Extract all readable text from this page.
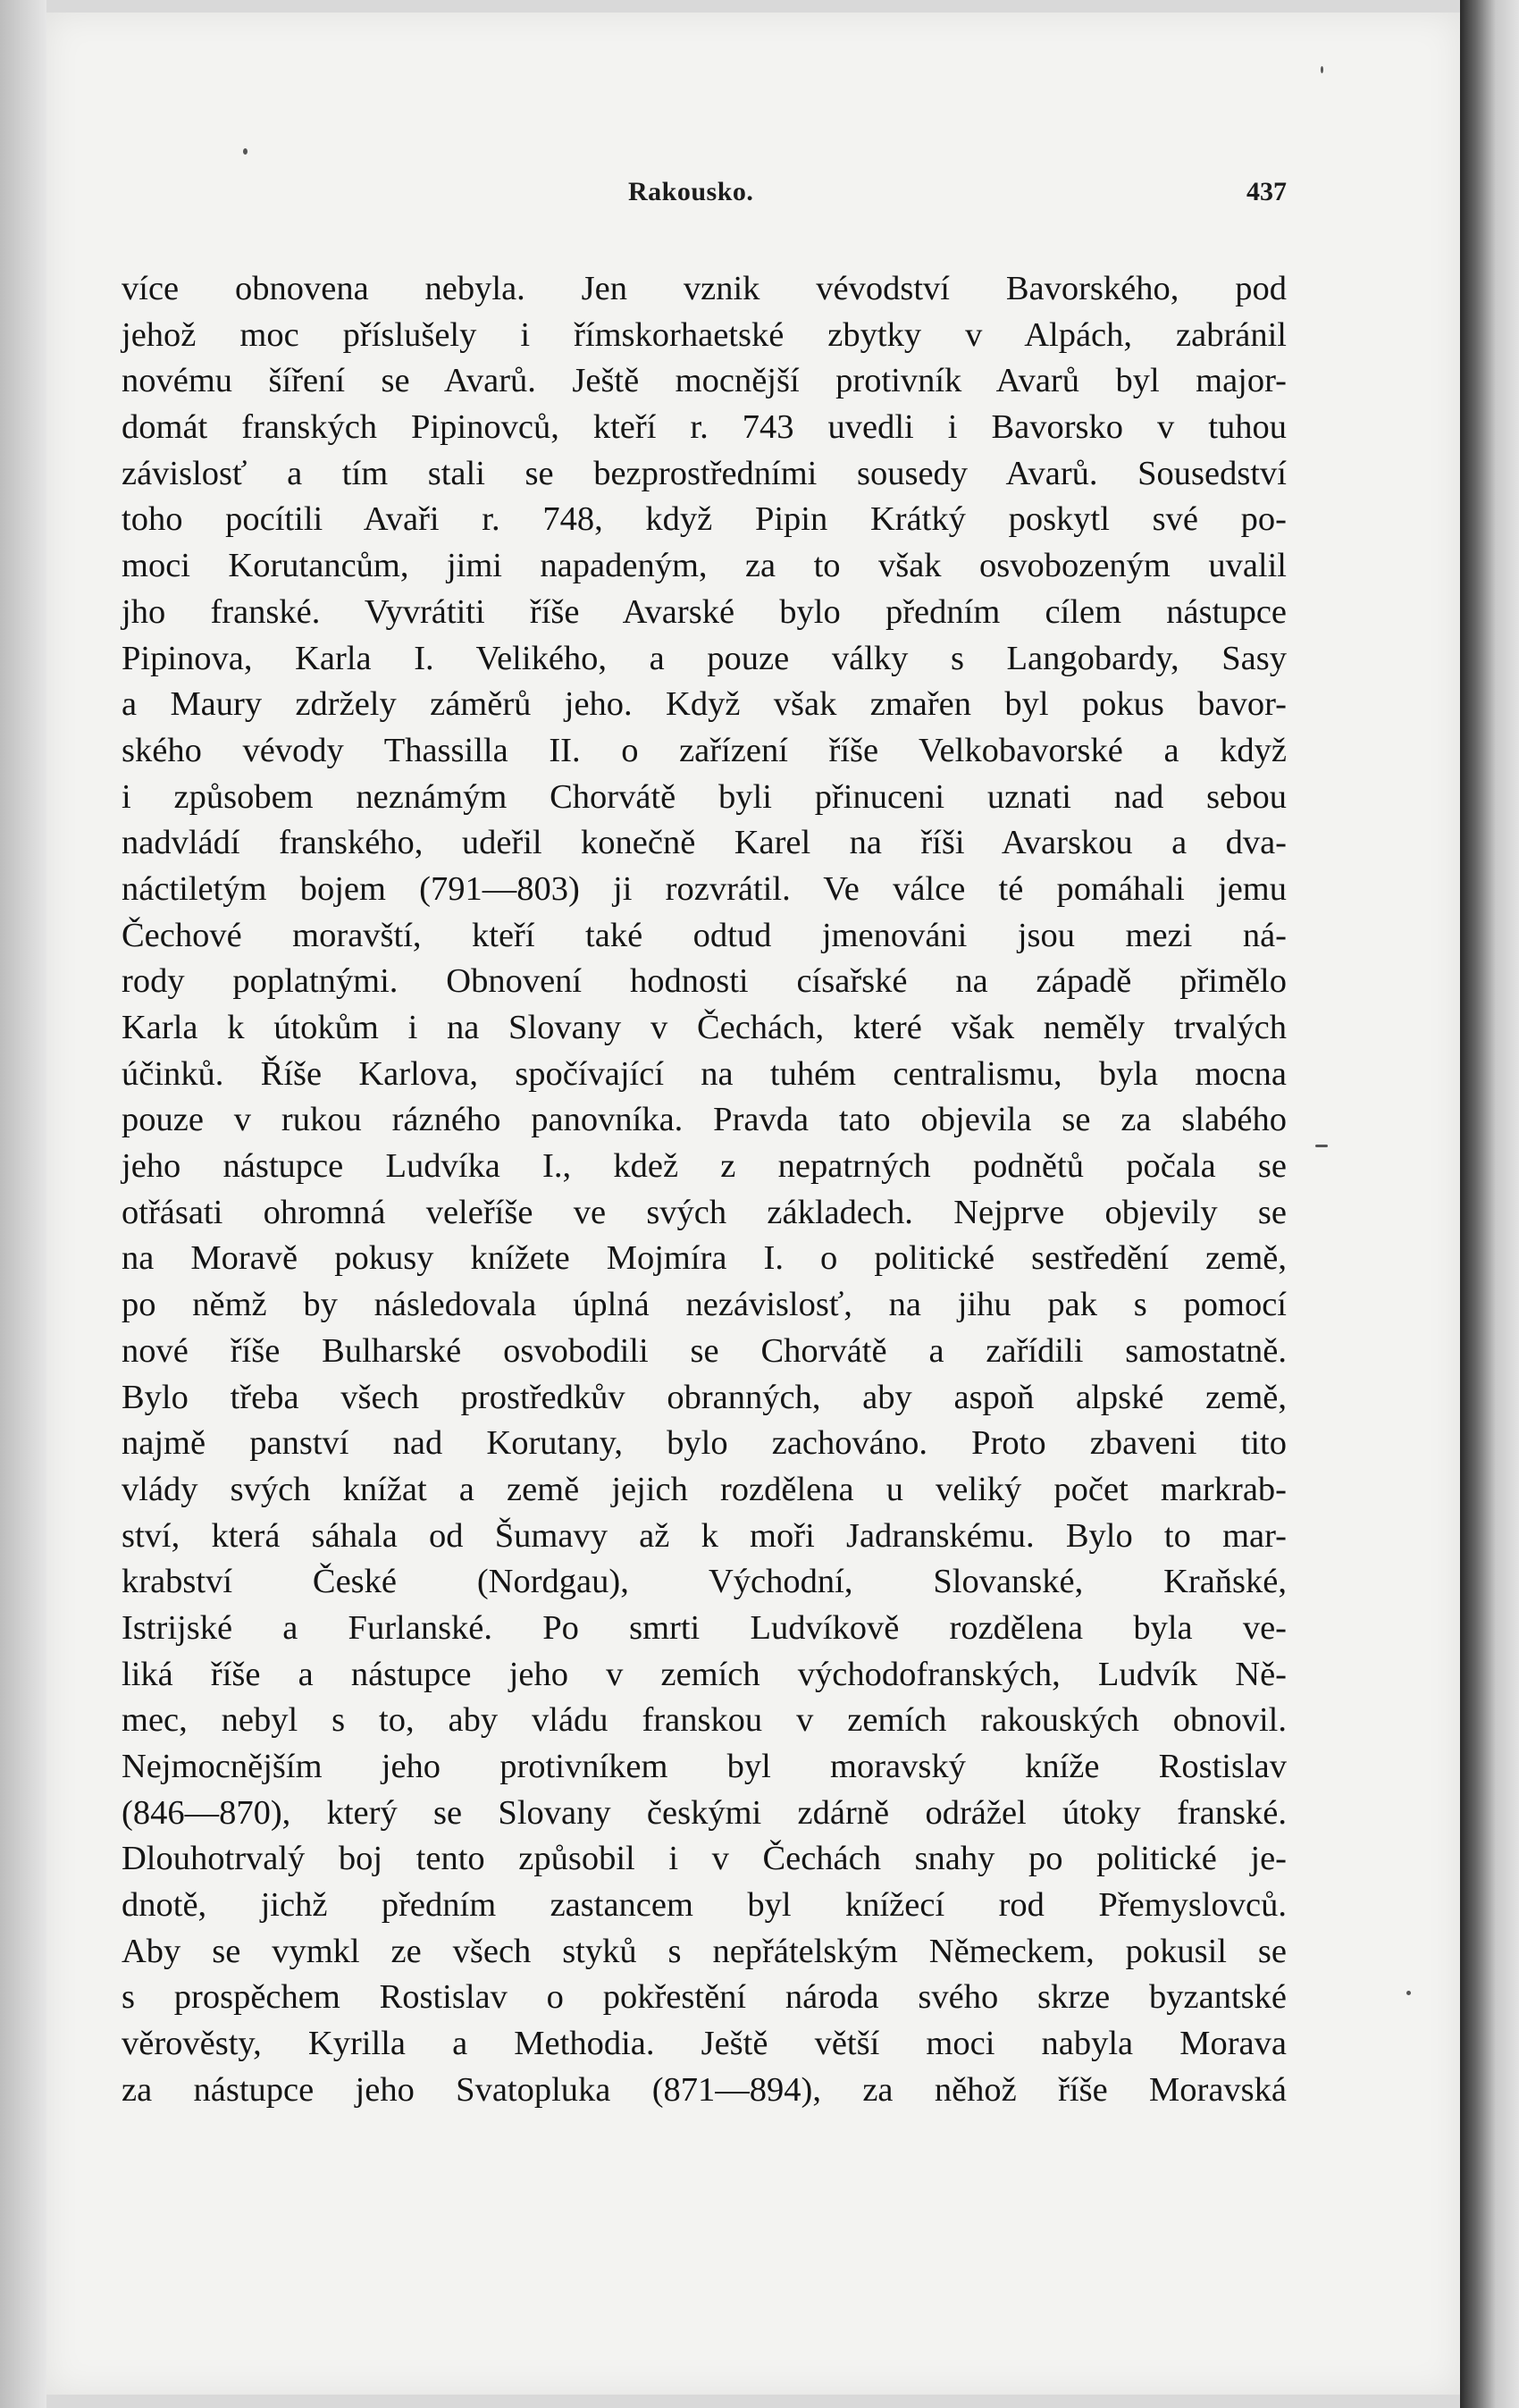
Rakousko.	437
více obnovena nebyla. Jen vznik vévodství Bavorského, pod
jehož moc příslušely i římskorhaetské zbytky v Alpách, zabránil
novému šíření se Avarů. Ještě mocnější protivník Avarů byl major-
domát franských Pipinovců, kteří r. 743 uvedli i Bavorsko v tuhou
závislosť a tím stali se bezprostředními sousedy Avarů. Sousedství
toho pocítili Avaři r. 748, když Pipin Krátký poskytl své po-
moci Korutancům, jimi napadeným, za to však osvobozeným uvalil
jho franské. Vyvrátiti říše Avarské bylo předním cílem nástupce
Pipinova, Karla I. Velikého, a pouze války s Langobardy, Sasy
a Maury zdržely záměrů jeho. Když však zmařen byl pokus bavor-
ského vévody Thassilla II. o zařízení říše Velkobavorské a když
i způsobem neznámým Chorvátě byli přinuceni uznati nad sebou
nadvládí franského, udeřil konečně Karel na říši Avarskou a dva-
náctiletým bojem (791—803) ji rozvrátil. Ve válce té pomáhali jemu
Čechové moravští, kteří také odtud jmenováni jsou mezi ná-
rody poplatnými. Obnovení hodnosti císařské na západě přimělo
Karla k útokům i na Slovany v Čechách, které však neměly trvalých
účinků. Říše Karlova, spočívající na tuhém centralismu, byla mocna
pouze v rukou rázného panovníka. Pravda tato objevila se za slabého
jeho nástupce Ludvíka I., kdež z nepatrných podnětů počala se
otřásati ohromná veleříše ve svých základech. Nejprve objevily se
na Moravě pokusy knížete Mojmíra I. o politické sestředění země,
po němž by následovala úplná nezávislosť, na jihu pak s pomocí
nové říše Bulharské osvobodili se Chorvátě a zařídili samostatně.
Bylo třeba všech prostředkův obranných, aby aspoň alpské země,
najmě panství nad Korutany, bylo zachováno. Proto zbaveni tito
vlády svých knížat a země jejich rozdělena u veliký počet markrab-
ství, která sáhala od Šumavy až k moři Jadranskému. Bylo to mar-
krabství České (Nordgau), Východní, Slovanské, Kraňské,
Istrijské a Furlanské. Po smrti Ludvíkově rozdělena byla ve-
liká říše a nástupce jeho v zemích východofranských, Ludvík Ně-
mec, nebyl s to, aby vládu franskou v zemích rakouských obnovil.
Nejmocnějším jeho protivníkem byl moravský kníže Rostislav
(846—870), který se Slovany českými zdárně odrážel útoky franské.
Dlouhotrvalý boj tento způsobil i v Čechách snahy po politické je-
dnotě, jichž předním zastancem byl knížecí rod Přemyslovců.
Aby se vymkl ze všech styků s nepřátelským Německem, pokusil se
s prospěchem Rostislav o pokřestění národa svého skrze byzantské
věrověsty, Kyrilla a Methodia. Ještě větší moci nabyla Morava
za nástupce jeho Svatopluka (871—894), za něhož říše Moravská
